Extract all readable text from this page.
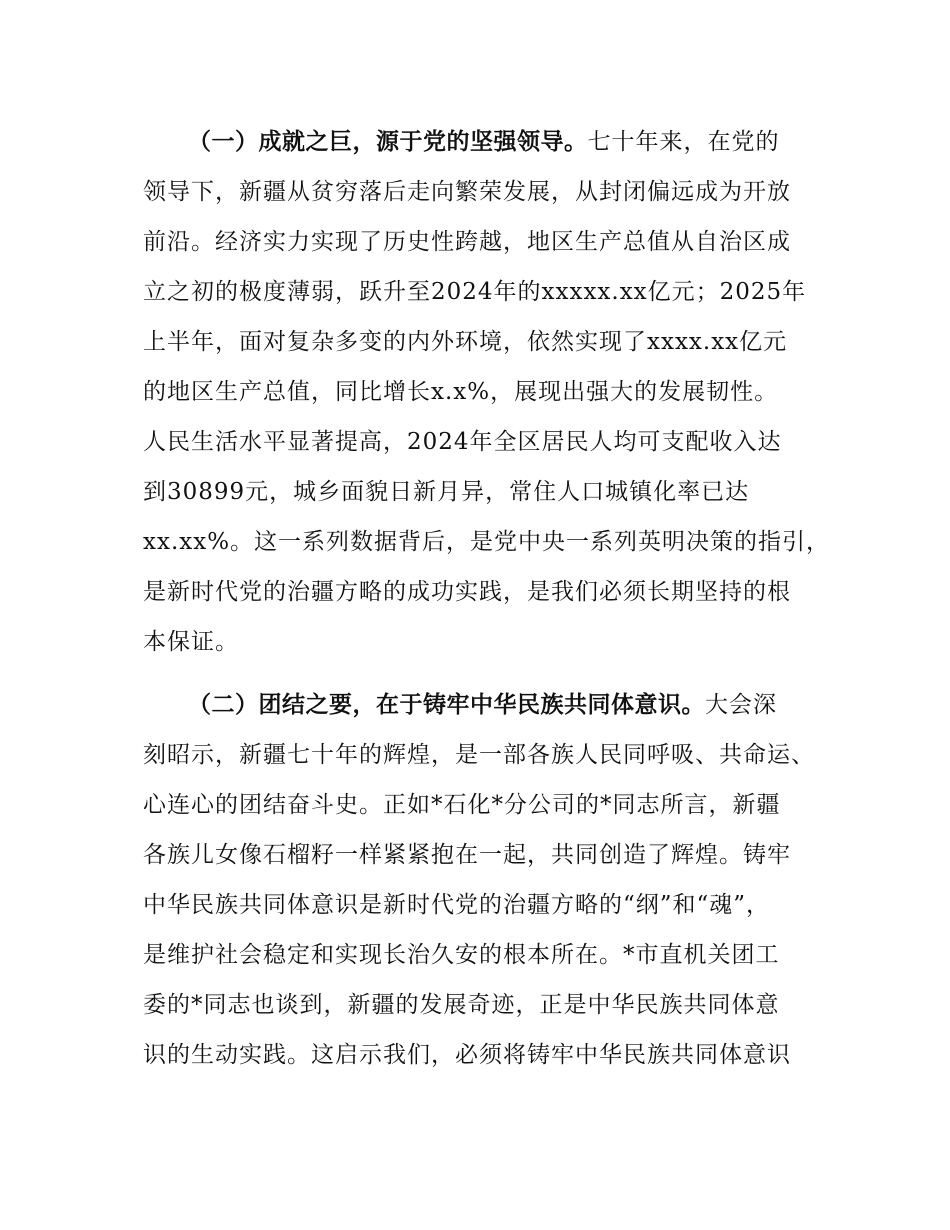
（一）成就之巨，源于党的坚强领导。七十年来，在党的
领导下，新疆从贫穷落后走向繁荣发展，从封闭偏远成为开放
前沿。经济实力实现了历史性跨越，地区生产总值从自治区成
立之初的极度薄弱，跃升至2024年的xxxxx.xx亿元；2025年
上半年，面对复杂多变的内外环境，依然实现了xxxx.xx亿元
的地区生产总值，同比增长x.x%，展现出强大的发展韧性。
人民生活水平显著提高，2024年全区居民人均可支配收入达
到30899元，城乡面貌日新月异，常住人口城镇化率已达
xx.xx%。这一系列数据背后，是党中央一系列英明决策的指引，
是新时代党的治疆方略的成功实践，是我们必须长期坚持的根
本保证。
（二）团结之要，在于铸牢中华民族共同体意识。大会深
刻昭示，新疆七十年的辉煌，是一部各族人民同呼吸、共命运、
心连心的团结奋斗史。正如*石化*分公司的*同志所言，新疆
各族儿女像石榴籽一样紧紧抱在一起，共同创造了辉煌。铸牢
中华民族共同体意识是新时代党的治疆方略的“纲”和“魂”，
是维护社会稳定和实现长治久安的根本所在。*市直机关团工
委的*同志也谈到，新疆的发展奇迹，正是中华民族共同体意
识的生动实践。这启示我们，必须将铸牢中华民族共同体意识
